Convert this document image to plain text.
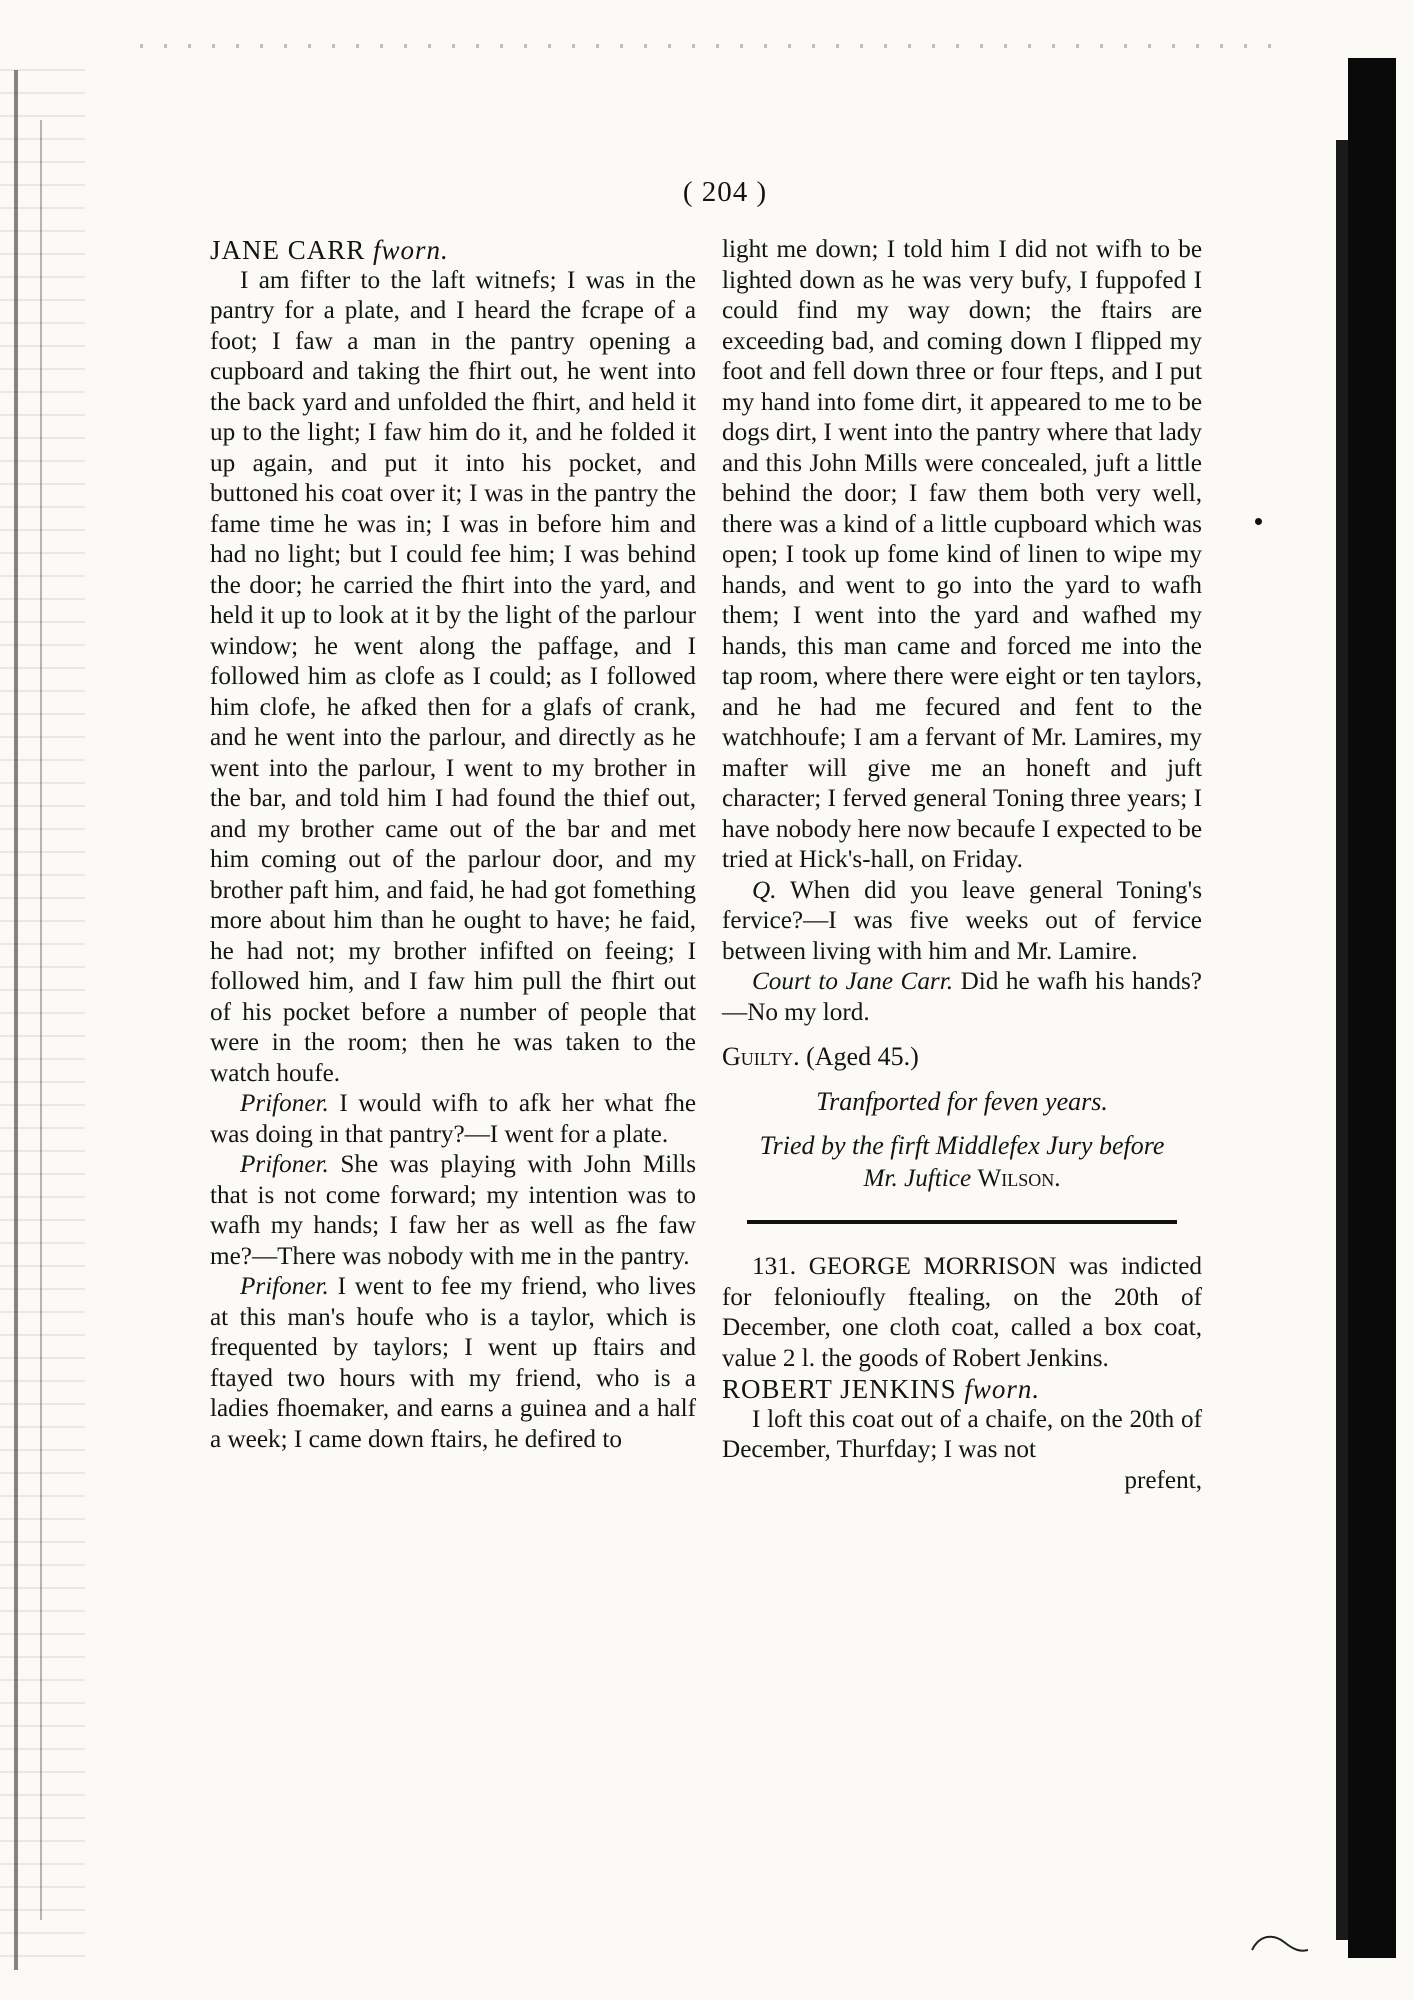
( 204 )

JANE CARR fworn.

I am fifter to the laft witnefs; I was in the pantry for a plate, and I heard the fcrape of a foot; I faw a man in the pantry opening a cupboard and taking the fhirt out, he went into the back yard and unfolded the fhirt, and held it up to the light; I faw him do it, and he folded it up again, and put it into his pocket, and buttoned his coat over it; I was in the pantry the fame time he was in; I was in before him and had no light; but I could fee him; I was behind the door; he carried the fhirt into the yard, and held it up to look at it by the light of the parlour window; he went along the paffage, and I followed him as clofe as I could; as I followed him clofe, he afked then for a glafs of crank, and he went into the parlour, and directly as he went into the parlour, I went to my brother in the bar, and told him I had found the thief out, and my brother came out of the bar and met him coming out of the parlour door, and my brother paft him, and faid, he had got fomething more about him than he ought to have; he faid, he had not; my brother infifted on feeing; I followed him, and I faw him pull the fhirt out of his pocket before a number of people that were in the room; then he was taken to the watch houfe.

Prifoner. I would wifh to afk her what fhe was doing in that pantry?—I went for a plate.

Prifoner. She was playing with John Mills that is not come forward; my intention was to wafh my hands; I faw her as well as fhe faw me?—There was nobody with me in the pantry.

Prifoner. I went to fee my friend, who lives at this man's houfe who is a taylor, which is frequented by taylors; I went up ftairs and ftayed two hours with my friend, who is a ladies fhoemaker, and earns a guinea and a half a week; I came down ftairs, he defired to

light me down; I told him I did not wifh to be lighted down as he was very bufy, I fuppofed I could find my way down; the ftairs are exceeding bad, and coming down I flipped my foot and fell down three or four fteps, and I put my hand into fome dirt, it appeared to me to be dogs dirt, I went into the pantry where that lady and this John Mills were concealed, juft a little behind the door; I faw them both very well, there was a kind of a little cupboard which was open; I took up fome kind of linen to wipe my hands, and went to go into the yard to wafh them; I went into the yard and wafhed my hands, this man came and forced me into the tap room, where there were eight or ten taylors, and he had me fecured and fent to the watchhoufe; I am a fervant of Mr. Lamires, my mafter will give me an honeft and juft character; I ferved general Toning three years; I have nobody here now becaufe I expected to be tried at Hick's-hall, on Friday.

Q. When did you leave general Toning's fervice?—I was five weeks out of fervice between living with him and Mr. Lamire.

Court to Jane Carr. Did he wafh his hands?—No my lord.

Guilty. (Aged 45.)

Tranfported for feven years.

Tried by the firft Middlefex Jury before

Mr. Juftice Wilson.

131. GEORGE MORRISON was indicted for felonioufly ftealing, on the 20th of December, one cloth coat, called a box coat, value 2 l. the goods of Robert Jenkins.

ROBERT JENKINS fworn.

I loft this coat out of a chaife, on the 20th of December, Thurfday; I was not

prefent,
